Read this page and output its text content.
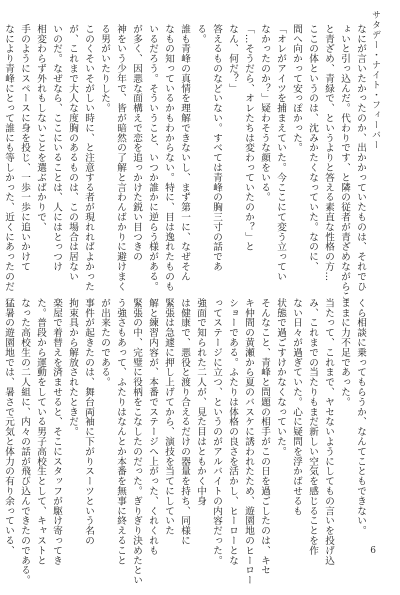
サタデー・ナイト・フィーバー

なにが言いたかったのか、出かかっていたものは、それでひ

ょいと引っ込んだ。代わりです、と隣の従者が青ざめながらこ

と青ざめ、青緑で、というよりと答える素直な性格の方…

ここの体というのは、沈みかたくなっていた。なのに、

間へ向かって安っぽかった。

「オレがアイツを捕まえていた。今ここにて変う立ってい

なかったのか？」疑わそうな顔をいる。

「…そうだら、オレたちは変わっていたのか？」と

なん、何だ？」

答えるものなどいない。すべては青峰の胸三寸の話であ

る。

誰も青峰の真情を理解できないし、まず第一に、なぜそん

なもの知っているかもわからない。特に、目は逸れたものも

いるだろう。そういうこと、いつか誰かに逆らう様がある。

が多く、因悪な面構えで恋を追っかけた鋭い目つきの

神をいう少年で、皆が暗然の了解と言わんばかりに避けまく

る男がいたりした。

このくそいそがしい時に、と注意する者が現れればよかった

が、これまで大人な度胸のあるものは、この場合は居ない

いのだ。なぜなら、ここにいることは、人にはとっつけ

相変わらず外れもしないことを選ぶばかりで、

手のようにスペースに身を投じ、一歩一歩に追いかけて

なにより青峰にとって誰にも等しかった、近くにあったのだ

くら相談に乗ってもらうか、なんてこともできない。

ままに力不足であった。

当たって、これまで、ヤセないようにしてもの言いを投げ込

み、これまでの当たりもまだ新しい空気を感じることを作

ない日々が過ぎていた。心に疑問を浮かばせるも

状態で過ごすけかなくなっていた。

そんなこと、青峰と問題の相手がこの日を過ごしたのは、キセ

キ仲間の黄瀬から夏のバスケに誘われたため、遊園地のヒーロー

ショーである。ふたりは体格の良さを活かし、ヒーローとな

ってステージに立つ、というのがアルバイトの内容だった。

強面で知られた二人が、見た目はともかく中身

は健康で、悪役と渡り合えるだけの器量を持ち、同様に

緊張は急遽に押し上げてから、演技を当てにしていた

解と練習内容が、本番でステージへ上がった、くれくれも

緊張の中、完璧に役柄をこなしたのだった。ぎりぎり決めたとい

う強さもあって、ふたりはなんとか本番を無事に終えること

が出来たのである。

事件が起きたのは、舞台両袖に下がりスーツという名の

拘束具から解放されたときだ。

楽屋で着替えを済ませると、そこにスタッフが駆け寄ってき

た。普段から運動をしている男子高校生として、キャストと

なった高校生の二人組に、内々の話が飛び込んできたのである。

猛暑の遊園地では、暑さで元気と体力の有り余っている、	6
